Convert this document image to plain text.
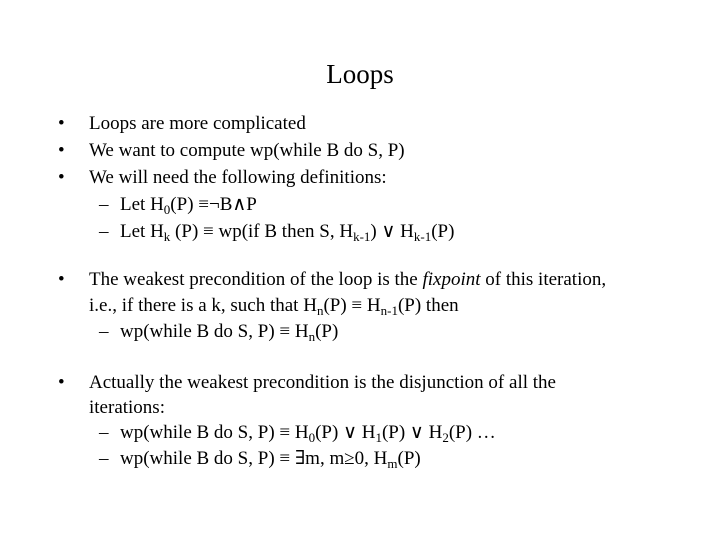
Loops
• Loops are more complicated
• We want to compute wp(while B do S, P)
• We will need the following definitions:
– Let $H_0(P)$ ≡¬B∧P
– Let $H_k$ (P) ≡ wp(if B then S, $H_{k-1}$) ∨ $H_{k-1}(P)$
• The weakest precondition of the loop is the fixpoint of this iteration,
i.e., if there is a k, such that $H_n(P) \equiv H_{n-1}(P)$ then
– wp(while B do S, $P) \equiv H_n(P)$
• Actually the weakest precondition is the disjunction of all the
iterations:
– wp(while B do S, $P) \equiv H_0(P)$ ∨ $H_1(P)$ ∨ $H_2(P)$ …
– wp(while B do S, P) ≡ ∃m, m≥0, $H_m(P)$
